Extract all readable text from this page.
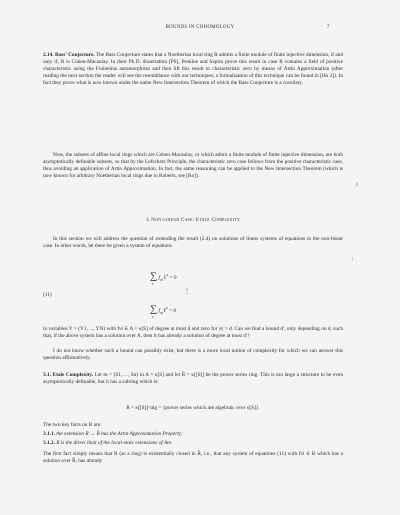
BOUNDS IN COHOMOLOGY	7
2.14. Bass' Conjecture. The Bass Conjecture states that a Noetherian local ring R admits a finite module of finite injective dimension, if and only if, R is Cohen-Macaulay. In their Ph.D. dissertation [PS], Peskine and Szpiro prove this result in case R contains a field of positive characteristic using the Frobenius automorphism and then lift this result to characteristic zero by means of Artin Approximation (after reading the next section the reader will see the resemblance with our techniques; a formalisation of this technique can be found in [Ho 2]). In fact they prove what is now known under the name New Intersection Theorem of which the Bass Conjecture is a corollary.
Now, the subsets of affine local rings which are Cohen-Macaulay, or which admit a finite module of finite injective dimension, are both asymptotically definable subsets, so that by the Lefschetz Principle, the characteristic zero case follows from the positive characteristic case, thus avoiding an application of Artin Approximation. In fact, the same reasoning can be applied to the New Intersection Theorem (which is now known for arbitrary Noetherian local rings due to Roberts, see [Ro]).
3. Non-linear Case: Etale Complexity
In this section we will address the question of extending the result (2.4) on solutions of linear systems of equations to the non-linear case. In other words, let there be given a system of equations
∑ $f_{\nu 1}Y^\nu = 0$
ν
⋮
(11)
∑ $f_{\nu s}Y^\nu = 0$
ν
in variables Y = (Y1, ..., YN) with fνi ∈ A = κ[S] of degree at most d and zero for |ν| > d. Can we find a bound d′, only depending on d, such that, if the above system has a solution over A, then it has already a solution of degree at most d′?
I do not know whether such a bound can possibly exist, but there is a more local notion of complexity for which we can answer this question affirmatively.
3.1. Etale Complexity. Let m = (S1, ..., Sn) in A = κ[S] and let R̂ = κ[[S]] be the power series ring. This is too large a structure to be even asymptotically definable, but it has a subring which is:
R = κ[[S]]^alg = {power series which are algebraic over κ[S]}.
The two key facts on R are:
3.1.1. the extension R → R̂ has the Artin Approximation Property;
3.1.2. R is the direct limit of the local-etale extensions of Am.
The first fact simply means that R (as a ring) is existentially closed in R̂, i.e., that any system of equations (11) with fνi ∈ R which has a solution over R̂, has already
